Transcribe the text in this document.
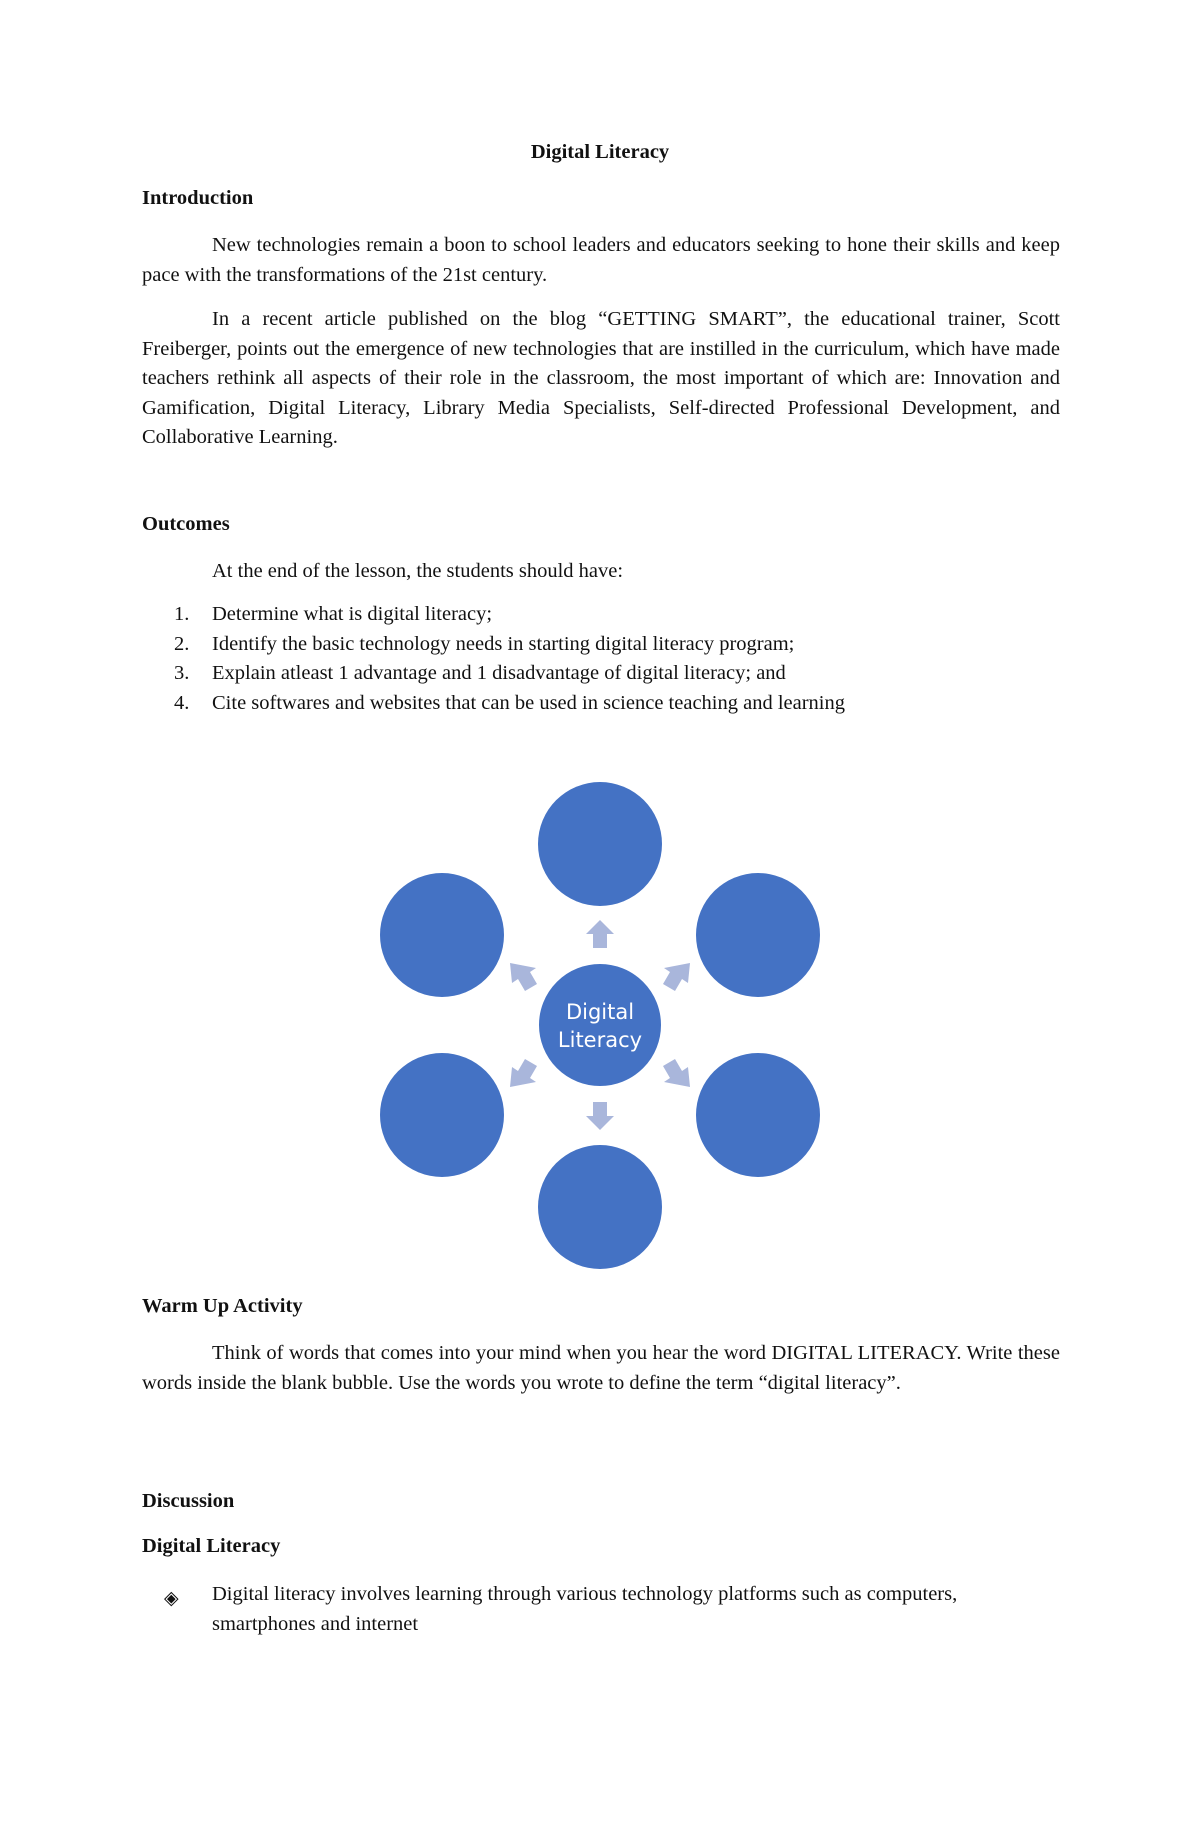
Digital Literacy
Introduction

New technologies remain a boon to school leaders and educators seeking to hone their skills and keep pace with the transformations of the 21st century.

In a recent article published on the blog “GETTING SMART”, the educational trainer, Scott Freiberger, points out the emergence of new technologies that are instilled in the curriculum, which have made teachers rethink all aspects of their role in the classroom, the most important of which are: Innovation and Gamification, Digital Literacy, Library Media Specialists, Self-directed Professional Development, and Collaborative Learning.

Outcomes

At the end of the lesson, the students should have:

1.	Determine what is digital literacy;
2.	Identify the basic technology needs in starting digital literacy program;
3.	Explain atleast 1 advantage and 1 disadvantage of digital literacy; and
4.	Cite softwares and websites that can be used in science teaching and learning
Digital
Literacy
Warm Up Activity

Think of words that comes into your mind when you hear the word DIGITAL LITERACY. Write these words inside the blank bubble. Use the words you wrote to define the term “digital literacy”.

Discussion
Digital Literacy
◈ Digital literacy involves learning through various technology platforms such as computers, smartphones and internet
